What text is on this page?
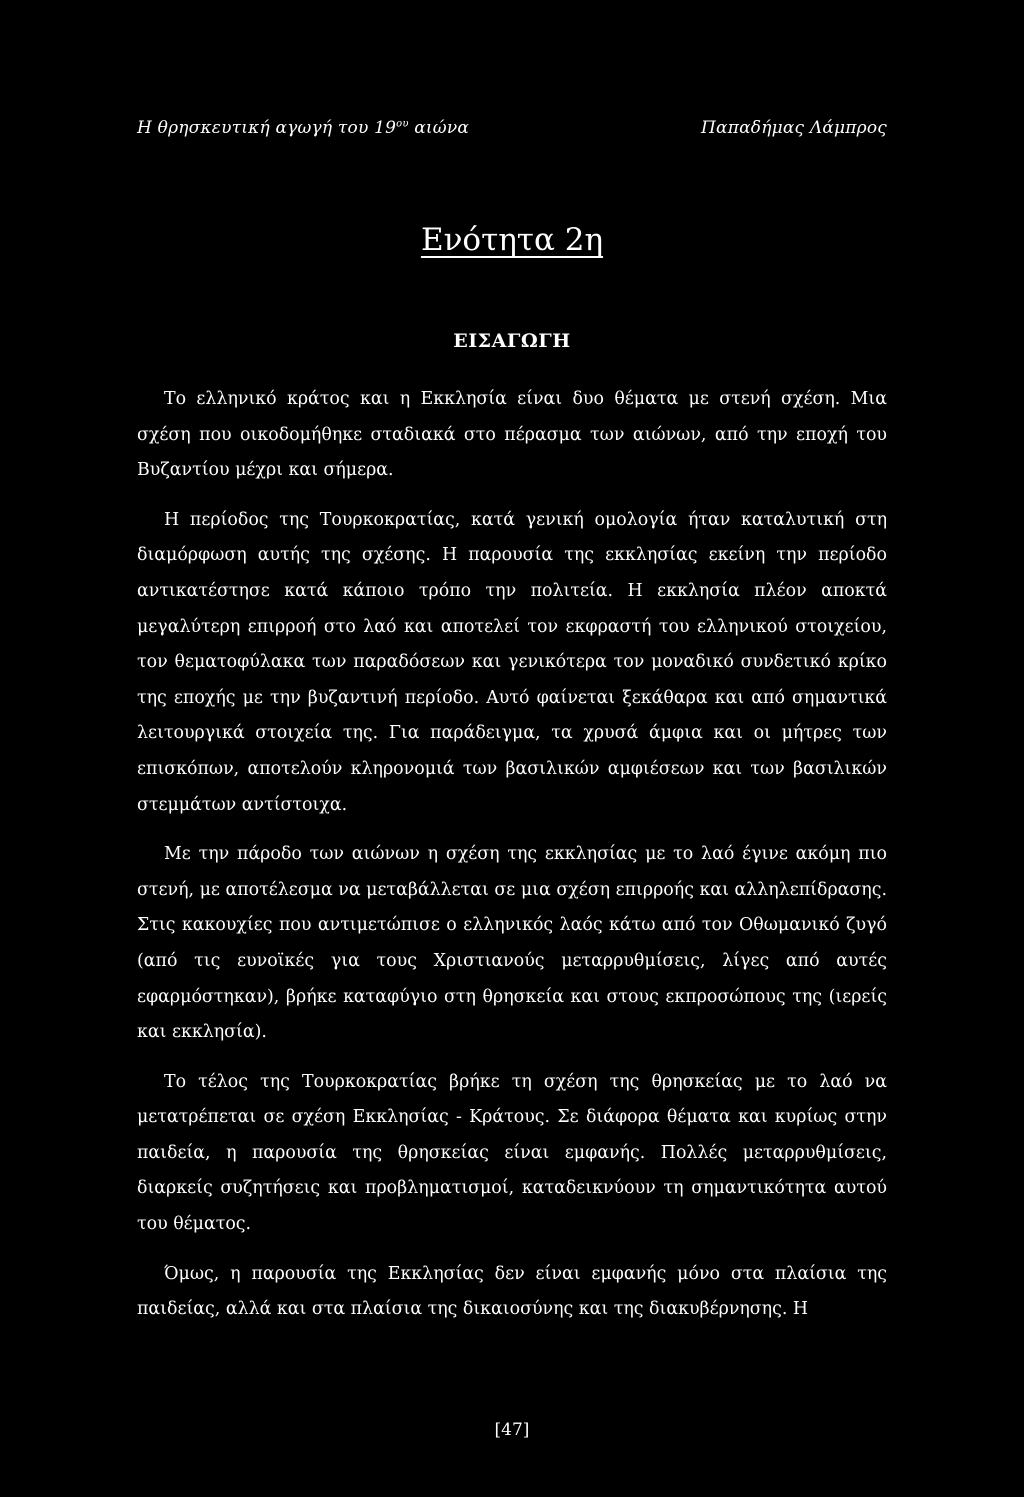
Η θρησκευτική αγωγή του $19^{o\upsilon}$ αιώνα	Παπαδήμας Λάμπρος
Ενότητα 2η
ΕΙΣΑΓΩΓΗ

Το ελληνικό κράτος και η Εκκλησία είναι δυο θέματα με στενή σχέση. Μια σχέση που οικοδομήθηκε σταδιακά στο πέρασμα των αιώνων, από την εποχή του Βυζαντίου μέχρι και σήμερα.

Η περίοδος της Τουρκοκρατίας, κατά γενική ομολογία ήταν καταλυτική στη διαμόρφωση αυτής της σχέσης. Η παρουσία της εκκλησίας εκείνη την περίοδο αντικατέστησε κατά κάποιο τρόπο την πολιτεία. Η εκκλησία πλέον αποκτά μεγαλύτερη επιρροή στο λαό και αποτελεί τον εκφραστή του ελληνικού στοιχείου, τον θεματοφύλακα των παραδόσεων και γενικότερα τον μοναδικό συνδετικό κρίκο της εποχής με την βυζαντινή περίοδο. Αυτό φαίνεται ξεκάθαρα και από σημαντικά λειτουργικά στοιχεία της. Για παράδειγμα, τα χρυσά άμφια και οι μήτρες των επισκόπων, αποτελούν κληρονομιά των βασιλικών αμφιέσεων και των βασιλικών στεμμάτων αντίστοιχα.

Με την πάροδο των αιώνων η σχέση της εκκλησίας με το λαό έγινε ακόμη πιο στενή, με αποτέλεσμα να μεταβάλλεται σε μια σχέση επιρροής και αλληλεπίδρασης. Στις κακουχίες που αντιμετώπισε ο ελληνικός λαός κάτω από τον Οθωμανικό ζυγό (από τις ευνοϊκές για τους Χριστιανούς μεταρρυθμίσεις, λίγες από αυτές εφαρμόστηκαν), βρήκε καταφύγιο στη θρησκεία και στους εκπροσώπους της (ιερείς και εκκλησία).

Το τέλος της Τουρκοκρατίας βρήκε τη σχέση της θρησκείας με το λαό να μετατρέπεται σε σχέση Εκκλησίας - Κράτους. Σε διάφορα θέματα και κυρίως στην παιδεία, η παρουσία της θρησκείας είναι εμφανής. Πολλές μεταρρυθμίσεις, διαρκείς συζητήσεις και προβληματισμοί, καταδεικνύουν τη σημαντικότητα αυτού του θέματος.

Όμως, η παρουσία της Εκκλησίας δεν είναι εμφανής μόνο στα πλαίσια της παιδείας, αλλά και στα πλαίσια της δικαιοσύνης και της διακυβέρνησης. Η

[47]
